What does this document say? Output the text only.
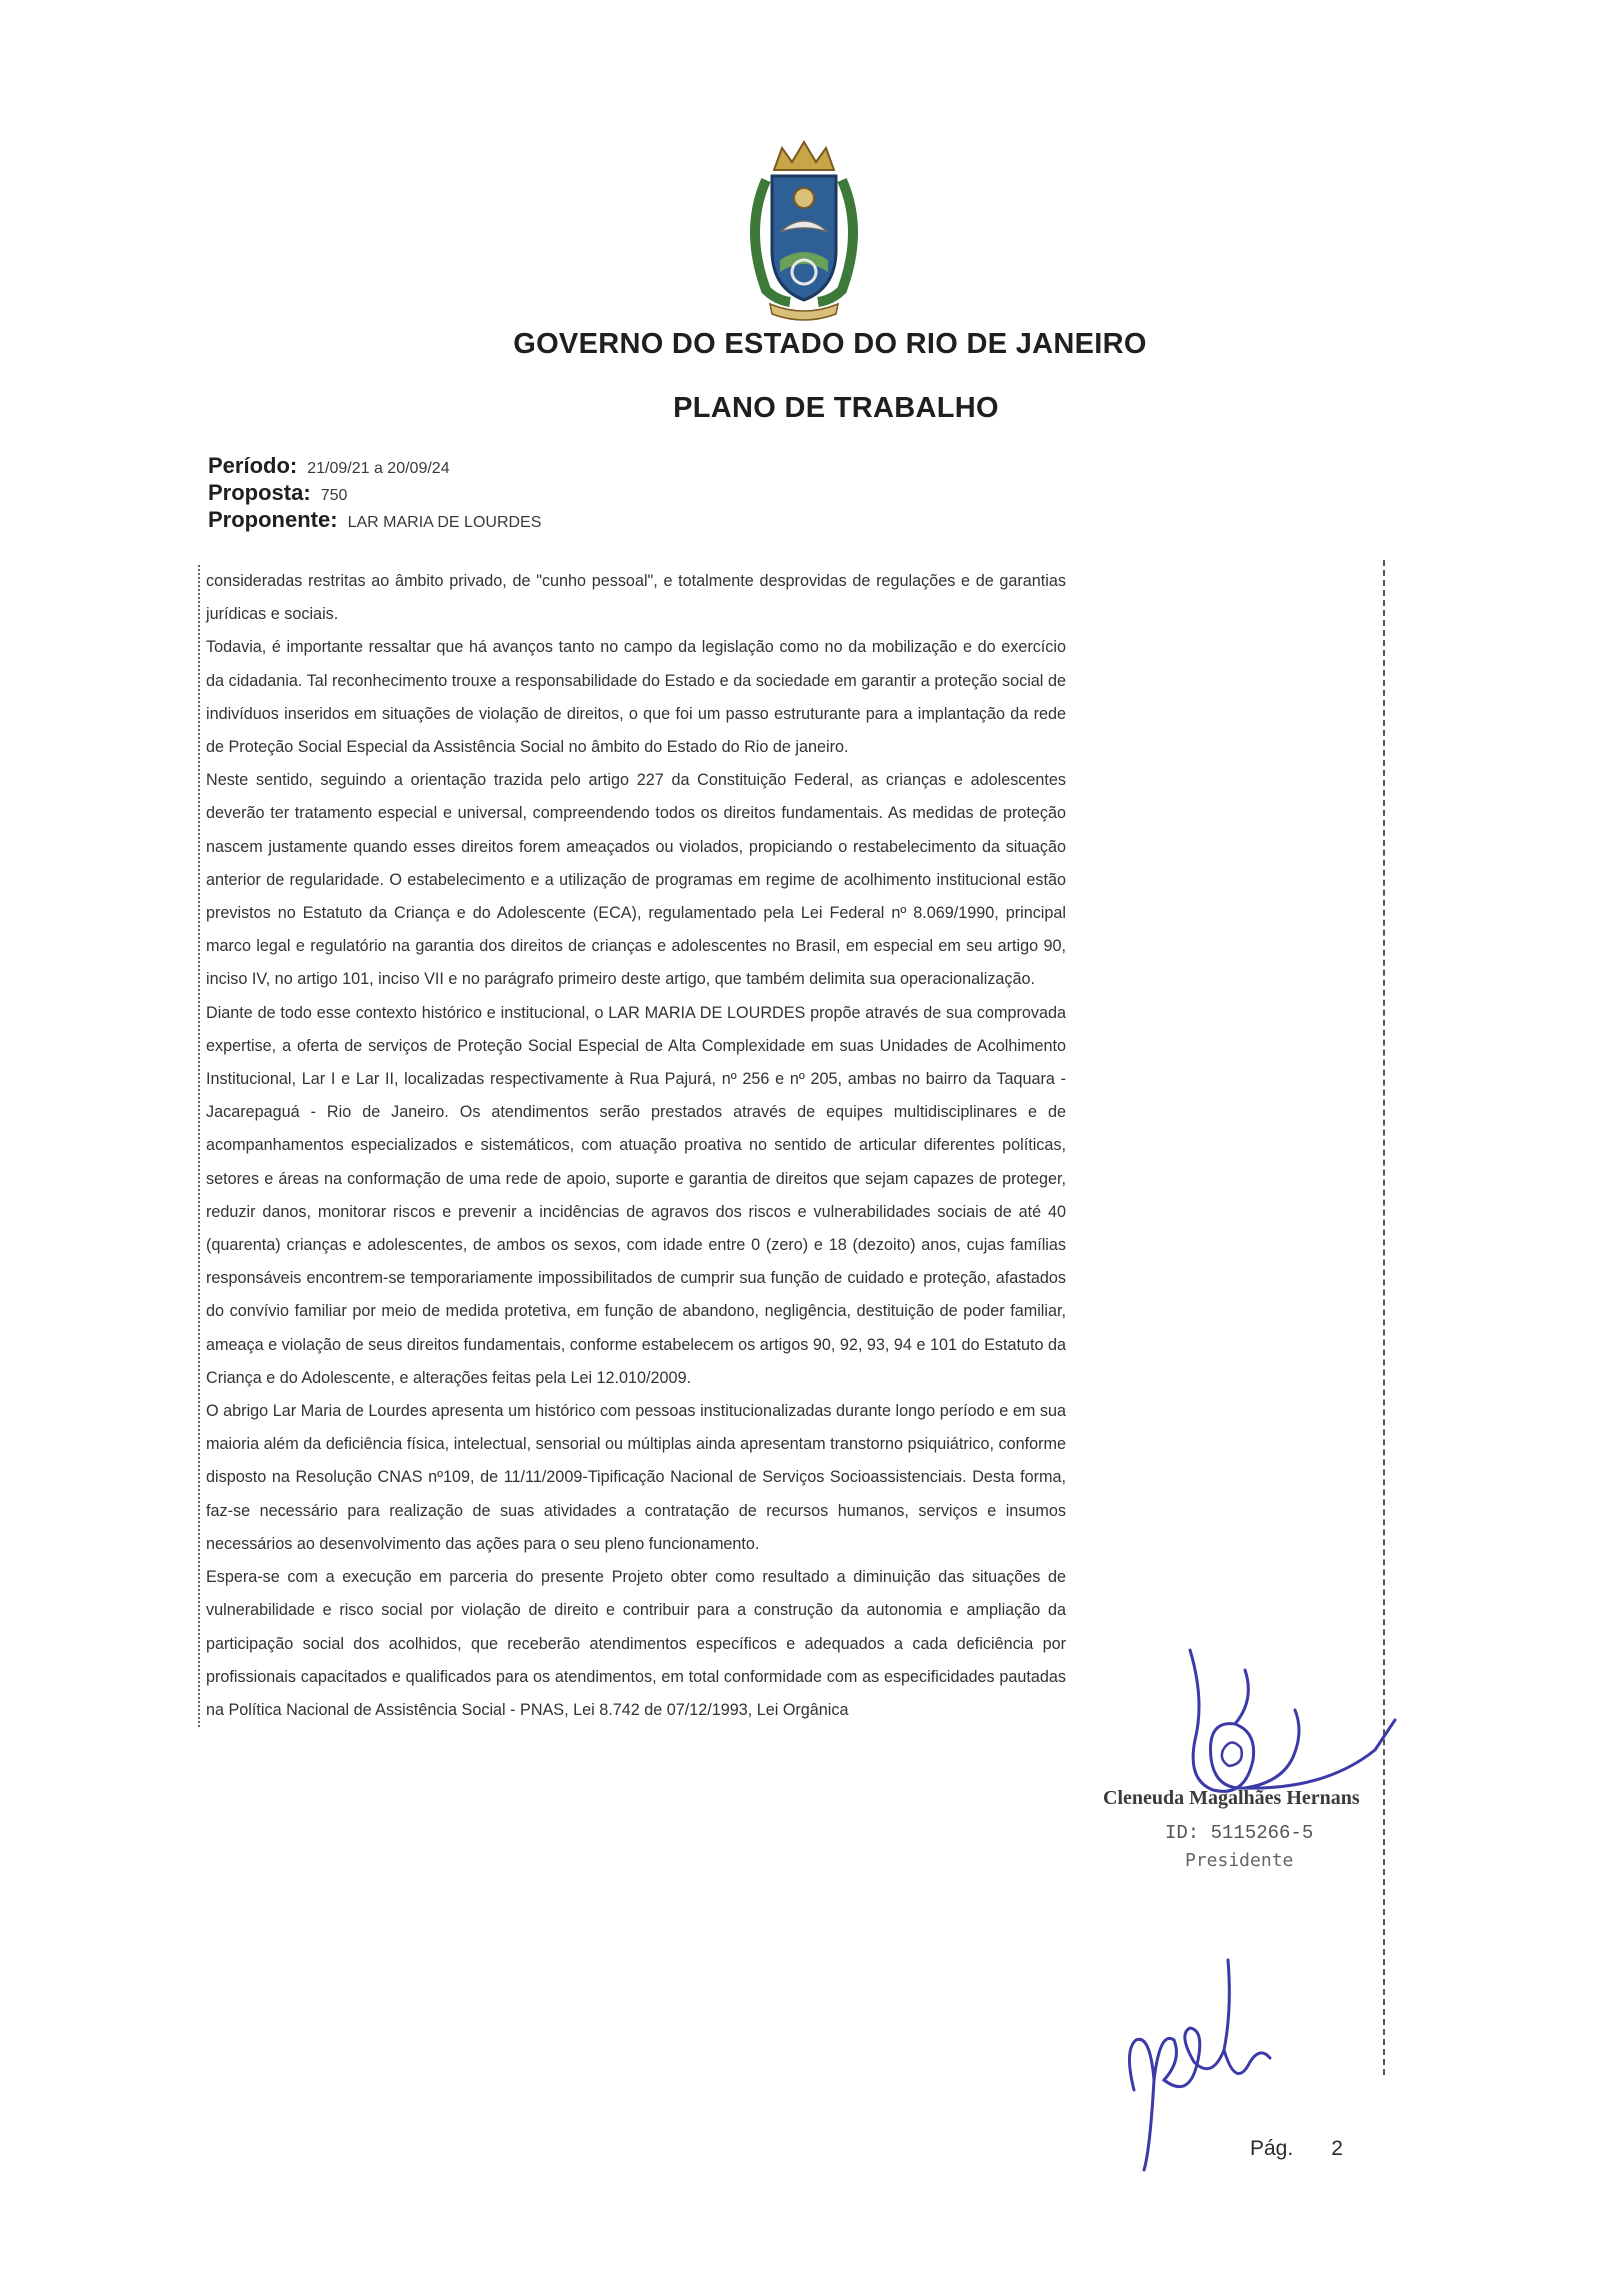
GOVERNO DO ESTADO DO RIO DE JANEIRO
PLANO DE TRABALHO
Período: 21/09/21 a 20/09/24
Proposta: 750
Proponente: LAR MARIA DE LOURDES

consideradas restritas ao âmbito privado, de "cunho pessoal", e totalmente desprovidas de regulações e de garantias jurídicas e sociais.

Todavia, é importante ressaltar que há avanços tanto no campo da legislação como no da mobilização e do exercício da cidadania. Tal reconhecimento trouxe a responsabilidade do Estado e da sociedade em garantir a proteção social de indivíduos inseridos em situações de violação de direitos, o que foi um passo estruturante para a implantação da rede de Proteção Social Especial da Assistência Social no âmbito do Estado do Rio de janeiro.

Neste sentido, seguindo a orientação trazida pelo artigo 227 da Constituição Federal, as crianças e adolescentes deverão ter tratamento especial e universal, compreendendo todos os direitos fundamentais. As medidas de proteção nascem justamente quando esses direitos forem ameaçados ou violados, propiciando o restabelecimento da situação anterior de regularidade. O estabelecimento e a utilização de programas em regime de acolhimento institucional estão previstos no Estatuto da Criança e do Adolescente (ECA), regulamentado pela Lei Federal nº 8.069/1990, principal marco legal e regulatório na garantia dos direitos de crianças e adolescentes no Brasil, em especial em seu artigo 90, inciso IV, no artigo 101, inciso VII e no parágrafo primeiro deste artigo, que também delimita sua operacionalização.

Diante de todo esse contexto histórico e institucional, o LAR MARIA DE LOURDES propõe através de sua comprovada expertise, a oferta de serviços de Proteção Social Especial de Alta Complexidade em suas Unidades de Acolhimento Institucional, Lar I e Lar II, localizadas respectivamente à Rua Pajurá, nº 256 e nº 205, ambas no bairro da Taquara - Jacarepaguá - Rio de Janeiro. Os atendimentos serão prestados através de equipes multidisciplinares e de acompanhamentos especializados e sistemáticos, com atuação proativa no sentido de articular diferentes políticas, setores e áreas na conformação de uma rede de apoio, suporte e garantia de direitos que sejam capazes de proteger, reduzir danos, monitorar riscos e prevenir a incidências de agravos dos riscos e vulnerabilidades sociais de até 40 (quarenta) crianças e adolescentes, de ambos os sexos, com idade entre 0 (zero) e 18 (dezoito) anos, cujas famílias responsáveis encontrem-se temporariamente impossibilitados de cumprir sua função de cuidado e proteção, afastados do convívio familiar por meio de medida protetiva, em função de abandono, negligência, destituição de poder familiar, ameaça e violação de seus direitos fundamentais, conforme estabelecem os artigos 90, 92, 93, 94 e 101 do Estatuto da Criança e do Adolescente, e alterações feitas pela Lei 12.010/2009.

O abrigo Lar Maria de Lourdes apresenta um histórico com pessoas institucionalizadas durante longo período e em sua maioria além da deficiência física, intelectual, sensorial ou múltiplas ainda apresentam transtorno psiquiátrico, conforme disposto na Resolução CNAS nº109, de 11/11/2009-Tipificação Nacional de Serviços Socioassistenciais. Desta forma, faz-se necessário para realização de suas atividades a contratação de recursos humanos, serviços e insumos necessários ao desenvolvimento das ações para o seu pleno funcionamento.

Espera-se com a execução em parceria do presente Projeto obter como resultado a diminuição das situações de vulnerabilidade e risco social por violação de direito e contribuir para a construção da autonomia e ampliação da participação social dos acolhidos, que receberão atendimentos específicos e adequados a cada deficiência por profissionais capacitados e qualificados para os atendimentos, em total conformidade com as especificidades pautadas na Política Nacional de Assistência Social - PNAS, Lei 8.742 de 07/12/1993, Lei Orgânica

Cleneuda Magalhães Hernans
ID: 5115266-5
Presidente
Pág. 2
